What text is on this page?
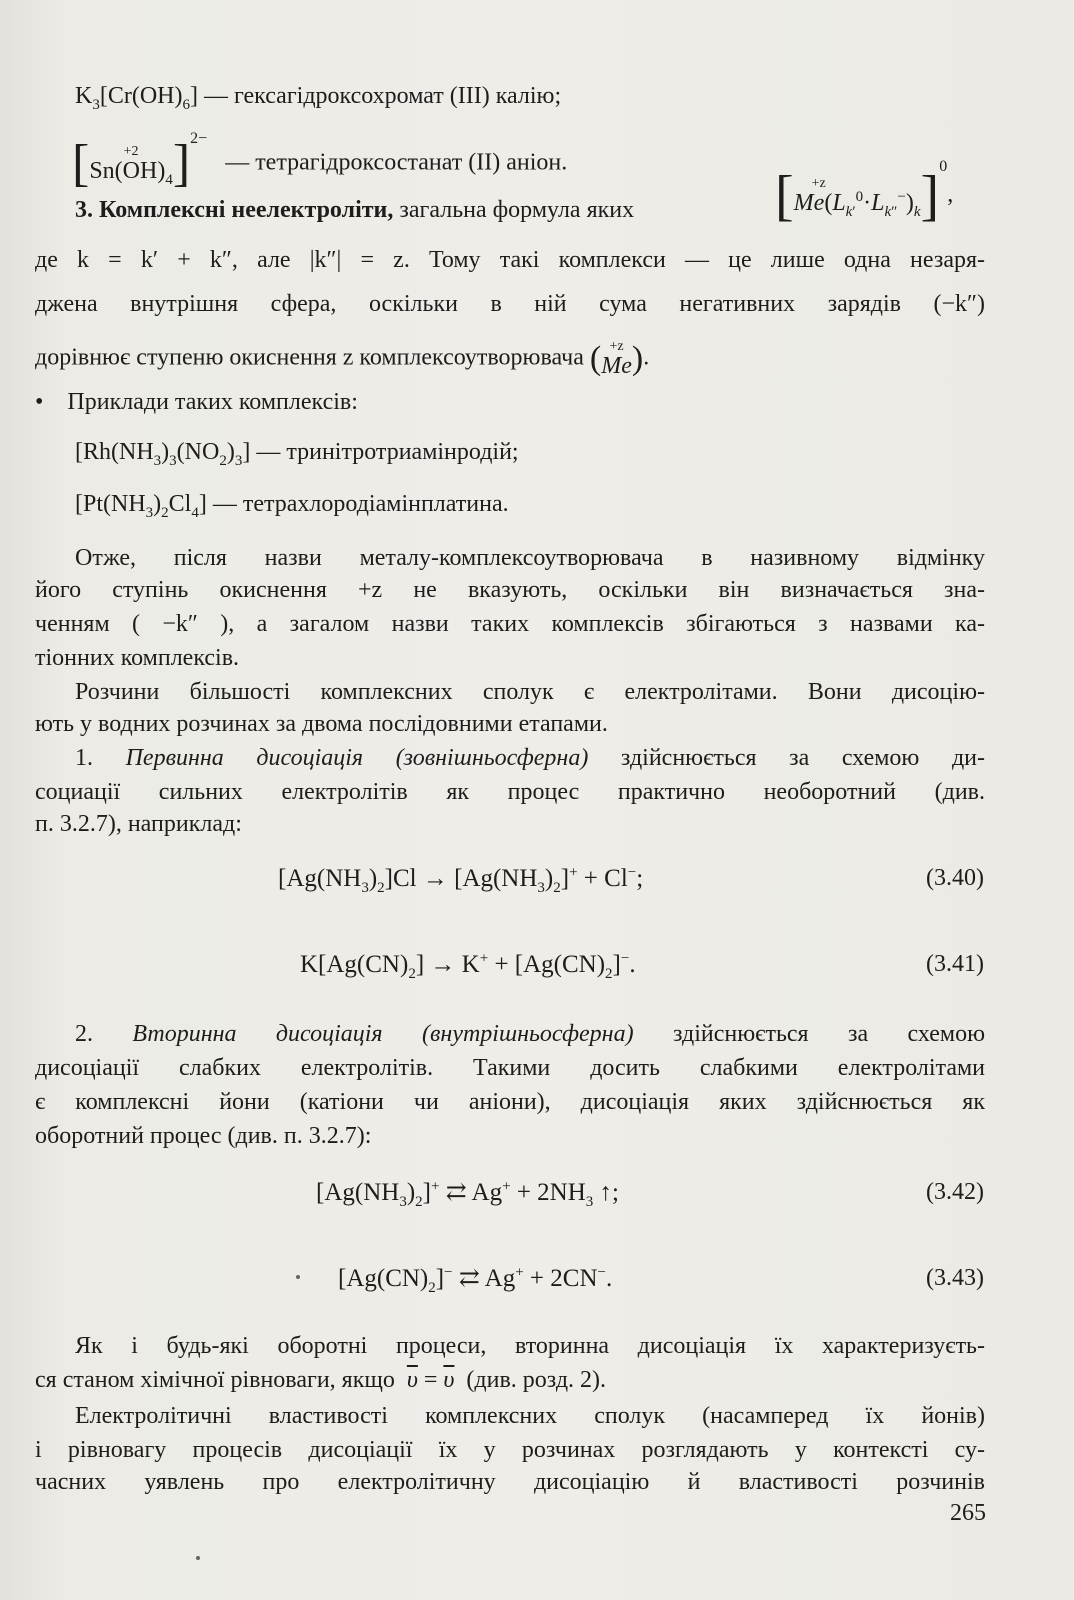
$K_3[Cr(OH)_6]$ — гексагідроксохромат (III) калію;
[	+2
$Sn(OH)_4$ ]$^{2-}$   — тетрагідроксостанат (II) аніон.
3. Комплексні неелектроліти, загальна формула яких	[	+z
$Me(L_{k'}^0\cdot L_{k''}^-)_k$ ]$^0$,
де k = k′ + k″, але |k″| = z. Тому такі комплекси — це лише одна незаря-
джена внутрішня сфера, оскільки в ній сума негативних зарядів (−k″)
дорівнює ступеню окиснення z комплексоутворювача ( +z
Me ).
• Приклади таких комплексів:
$[Rh(NH_3)_3(NO_2)_3]$ — тринітротриамінродій;
$[Pt(NH_3)_2Cl_4]$ — тетрахлородіамінплатина.
Отже, після назви металу-комплексоутворювача в називному відмінку
його ступінь окиснення +z не вказують, оскільки він визначається зна-
ченням ( −k″ ), а загалом назви таких комплексів збігаються з назвами ка-
тіонних комплексів.
Розчини більшості комплексних сполук є електролітами. Вони дисоцію-
ють у водних розчинах за двома послідовними етапами.
1. Первинна дисоціація (зовнішньосферна) здійснюється за схемою ди-
социації сильних електролітів як процес практично необоротний (див.
п. 3.2.7), наприклад:
$[Ag(NH_3)_2]Cl \to [Ag(NH_3)_2]^+ + Cl^-$;	(3.40)
$K[Ag(CN)_2] \to K^+ + [Ag(CN)_2]^-$.	(3.41)
2. Вторинна дисоціація (внутрішньосферна) здійснюється за схемою
дисоціації слабких електролітів. Такими досить слабкими електролітами
є комплексні йони (катіони чи аніони), дисоціація яких здійснюється як
оборотний процес (див. п. 3.2.7):
$[Ag(NH_3)_2]^+$ ⇄ $Ag^+ + 2NH_3$ ↑;	(3.42)
$[Ag(CN)_2]^-$ ⇄ Ag+ + 2CN−.	(3.43)
Як і будь-які оборотні процеси, вторинна дисоціація їх характеризуєть-
ся станом хімічної рівноваги, якщо $\overline{\upsilon} = \overline{\upsilon}$ (див. розд. 2).
Електролітичні властивості комплексних сполук (насамперед їх йонів)
і рівновагу процесів дисоціації їх у розчинах розглядають у контексті су-
часних уявлень про електролітичну дисоціацію й властивості розчинів
265
